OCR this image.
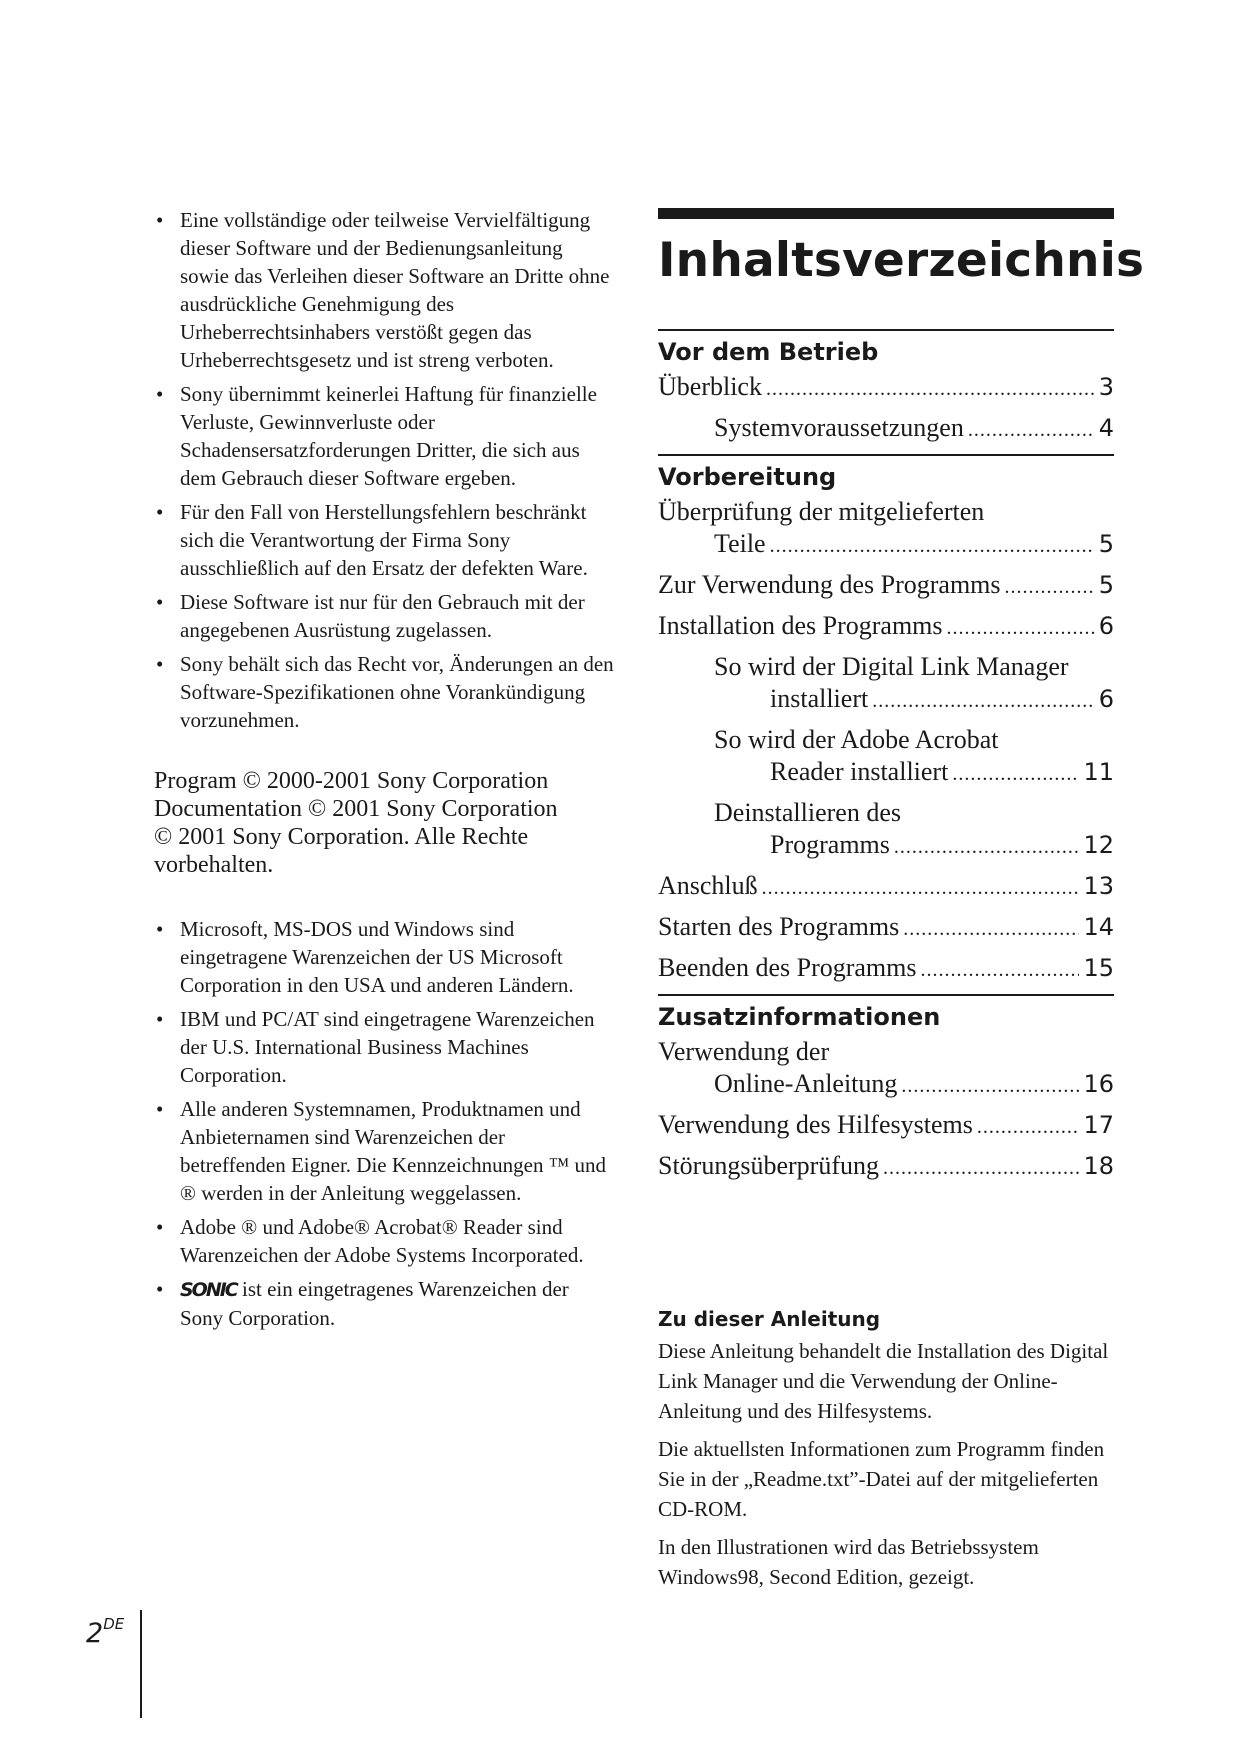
• Eine vollständige oder teilweise Vervielfältigung dieser Software und der Bedienungsanleitung sowie das Verleihen dieser Software an Dritte ohne ausdrückliche Genehmigung des Urheberrechtsinhabers verstößt gegen das Urheberrechtsgesetz und ist streng verboten.
• Sony übernimmt keinerlei Haftung für finanzielle Verluste, Gewinnverluste oder Schadensersatzforderungen Dritter, die sich aus dem Gebrauch dieser Software ergeben.
• Für den Fall von Herstellungsfehlern beschränkt sich die Verantwortung der Firma Sony ausschließlich auf den Ersatz der defekten Ware.
• Diese Software ist nur für den Gebrauch mit der angegebenen Ausrüstung zugelassen.
• Sony behält sich das Recht vor, Änderungen an den Software-Spezifikationen ohne Vorankündigung vorzunehmen.
Program © 2000-2001 Sony Corporation
Documentation © 2001 Sony Corporation
© 2001 Sony Corporation. Alle Rechte vorbehalten.
• Microsoft, MS-DOS und Windows sind eingetragene Warenzeichen der US Microsoft Corporation in den USA und anderen Ländern.
• IBM und PC/AT sind eingetragene Warenzeichen der U.S. International Business Machines Corporation.
• Alle anderen Systemnamen, Produktnamen und Anbieternamen sind Warenzeichen der betreffenden Eigner. Die Kennzeichnungen ™ und ® werden in der Anleitung weggelassen.
• Adobe ® und Adobe® Acrobat® Reader sind Warenzeichen der Adobe Systems Incorporated.
• SONIC ist ein eingetragenes Warenzeichen der Sony Corporation.
Inhaltsverzeichnis
Vor dem Betrieb
Überblick .....	3
Systemvoraussetzungen .....	4
Vorbereitung
Überprüfung der mitgelieferten
Teile .....	5
Zur Verwendung des Programms .....	5
Installation des Programms .....	6
So wird der Digital Link Manager
installiert .....	6
So wird der Adobe Acrobat
Reader installiert .....	11
Deinstallieren des
Programms .....	12
Anschluß .....	13
Starten des Programms .....	14
Beenden des Programms .....	15
Zusatzinformationen
Verwendung der
Online-Anleitung .....	16
Verwendung des Hilfesystems .....	17
Störungsüberprüfung .....	18
Zu dieser Anleitung

Diese Anleitung behandelt die Installation des Digital Link Manager und die Verwendung der Online-Anleitung und des Hilfesystems.

Die aktuellsten Informationen zum Programm finden Sie in der „Readme.txt”-Datei auf der mitgelieferten CD-ROM.

In den Illustrationen wird das Betriebssystem Windows98, Second Edition, gezeigt.

2DE
